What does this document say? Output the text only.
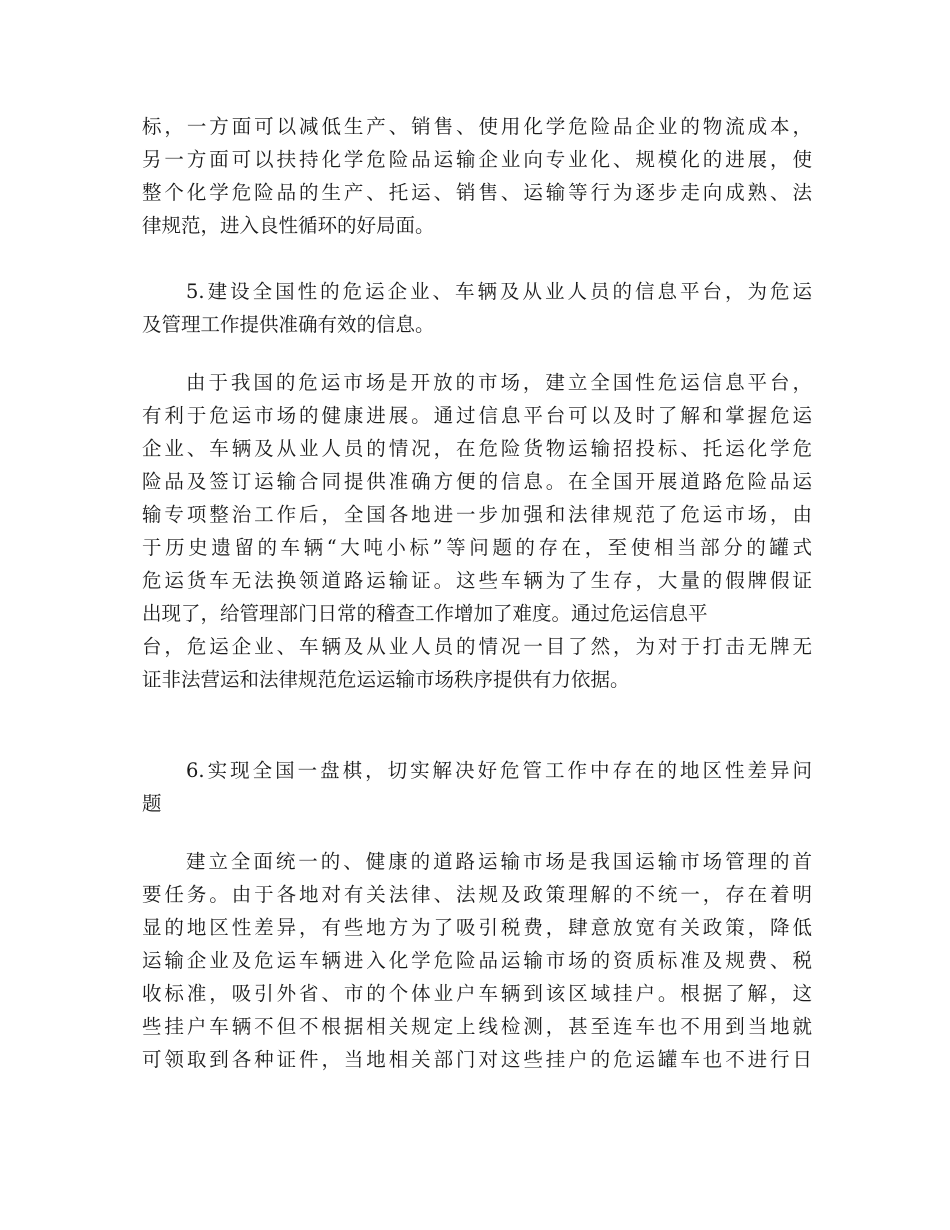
标，一方面可以减低生产、销售、使用化学危险品企业的物流成本，
另一方面可以扶持化学危险品运输企业向专业化、规模化的进展，使
整个化学危险品的生产、托运、销售、运输等行为逐步走向成熟、法
律规范，进入良性循环的好局面。
5.建设全国性的危运企业、车辆及从业人员的信息平台，为危运
及管理工作提供准确有效的信息。
由于我国的危运市场是开放的市场，建立全国性危运信息平台，
有利于危运市场的健康进展。通过信息平台可以及时了解和掌握危运
企业、车辆及从业人员的情况，在危险货物运输招投标、托运化学危
险品及签订运输合同提供准确方便的信息。在全国开展道路危险品运
输专项整治工作后，全国各地进一步加强和法律规范了危运市场，由
于历史遗留的车辆“大吨小标”等问题的存在，至使相当部分的罐式
危运货车无法换领道路运输证。这些车辆为了生存，大量的假牌假证
出现了，给管理部门日常的稽查工作增加了难度。通过危运信息平
台，危运企业、车辆及从业人员的情况一目了然，为对于打击无牌无
证非法营运和法律规范危运运输市场秩序提供有力依据。
6.实现全国一盘棋，切实解决好危管工作中存在的地区性差异问
题
建立全面统一的、健康的道路运输市场是我国运输市场管理的首
要任务。由于各地对有关法律、法规及政策理解的不统一，存在着明
显的地区性差异，有些地方为了吸引税费，肆意放宽有关政策，降低
运输企业及危运车辆进入化学危险品运输市场的资质标准及规费、税
收标准，吸引外省、市的个体业户车辆到该区域挂户。根据了解，这
些挂户车辆不但不根据相关规定上线检测，甚至连车也不用到当地就
可领取到各种证件，当地相关部门对这些挂户的危运罐车也不进行日
